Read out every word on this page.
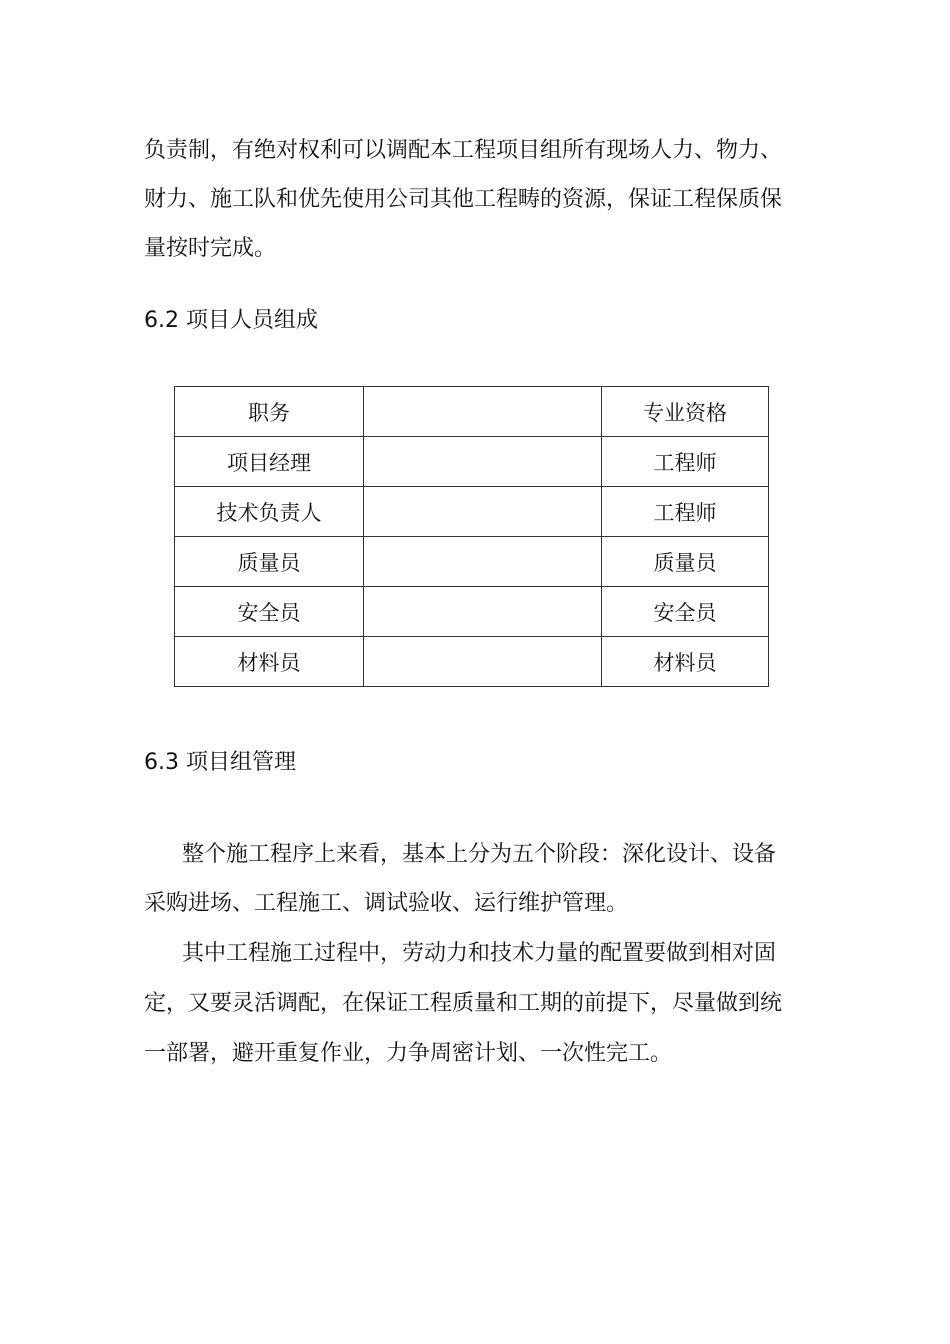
负责制，有绝对权利可以调配本工程项目组所有现场人力、物力、
财力、施工队和优先使用公司其他工程畴的资源，保证工程保质保
量按时完成。
6.2 项目人员组成
职务		专业资格
项目经理		工程师
技术负责人		工程师
质量员		质量员
安全员		安全员
材料员		材料员
6.3 项目组管理
整个施工程序上来看，基本上分为五个阶段：深化设计、设备
采购进场、工程施工、调试验收、运行维护管理。
其中工程施工过程中，劳动力和技术力量的配置要做到相对固
定，又要灵活调配，在保证工程质量和工期的前提下，尽量做到统
一部署，避开重复作业，力争周密计划、一次性完工。
